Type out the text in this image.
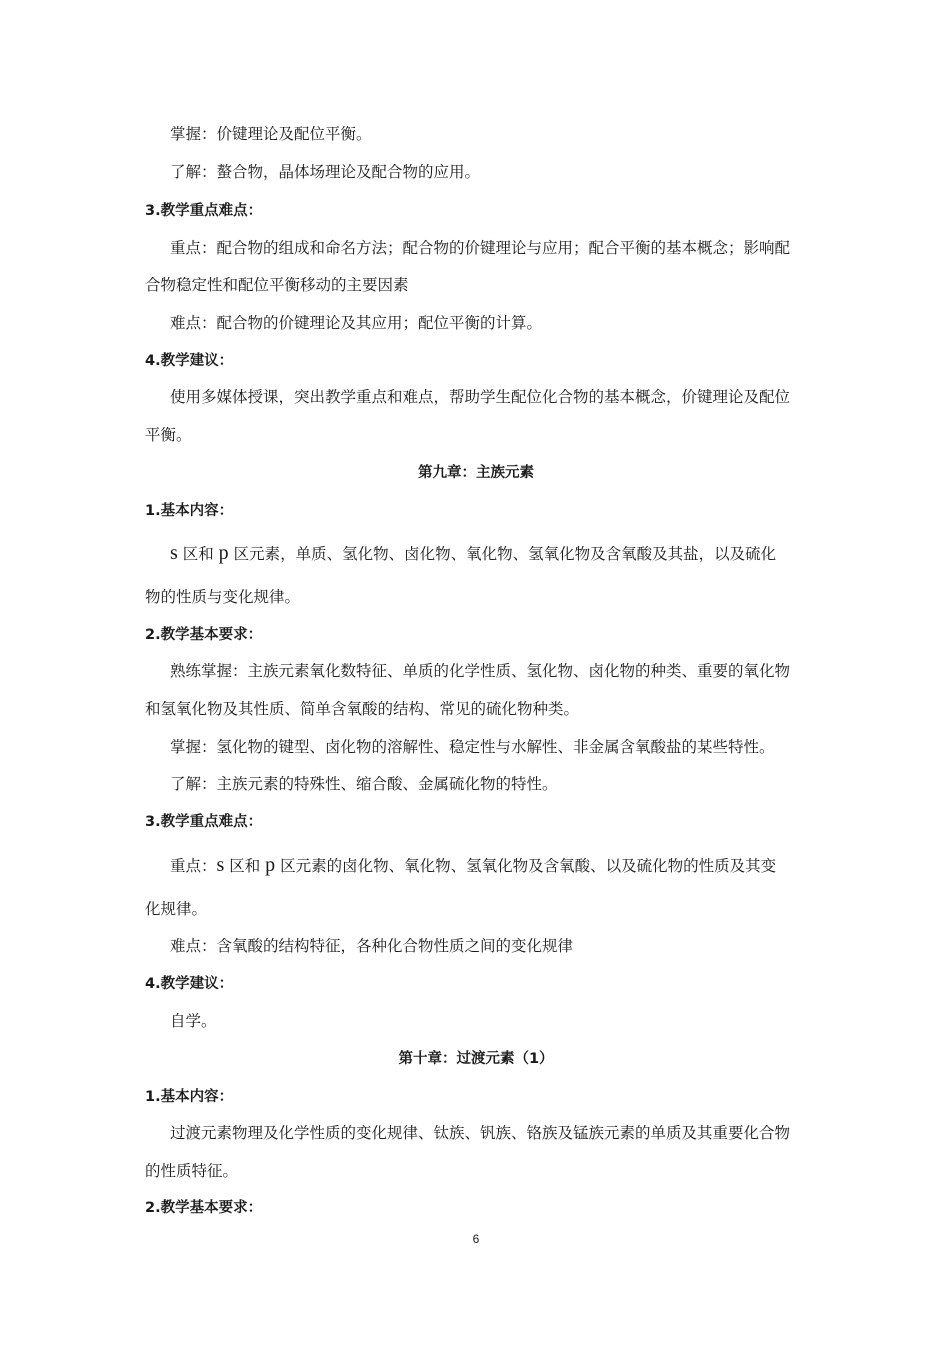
掌握：价键理论及配位平衡。
了解：螯合物，晶体场理论及配合物的应用。
3.教学重点难点：
重点：配合物的组成和命名方法；配合物的价键理论与应用；配合平衡的基本概念；影响配
合物稳定性和配位平衡移动的主要因素
难点：配合物的价键理论及其应用；配位平衡的计算。
4.教学建议：
使用多媒体授课，突出教学重点和难点，帮助学生配位化合物的基本概念，价键理论及配位
平衡。
第九章：主族元素
1.基本内容：
s 区和 p 区元素，单质、氢化物、卤化物、氧化物、氢氧化物及含氧酸及其盐，以及硫化
物的性质与变化规律。
2.教学基本要求：
熟练掌握：主族元素氧化数特征、单质的化学性质、氢化物、卤化物的种类、重要的氧化物
和氢氧化物及其性质、简单含氧酸的结构、常见的硫化物种类。
掌握：氢化物的键型、卤化物的溶解性、稳定性与水解性、非金属含氧酸盐的某些特性。
了解：主族元素的特殊性、缩合酸、金属硫化物的特性。
3.教学重点难点：
重点：s 区和 p 区元素的卤化物、氧化物、氢氧化物及含氧酸、以及硫化物的性质及其变
化规律。
难点：含氧酸的结构特征，各种化合物性质之间的变化规律
4.教学建议：
自学。
第十章：过渡元素（1）
1.基本内容：
过渡元素物理及化学性质的变化规律、钛族、钒族、铬族及锰族元素的单质及其重要化合物
的性质特征。
2.教学基本要求：
6
